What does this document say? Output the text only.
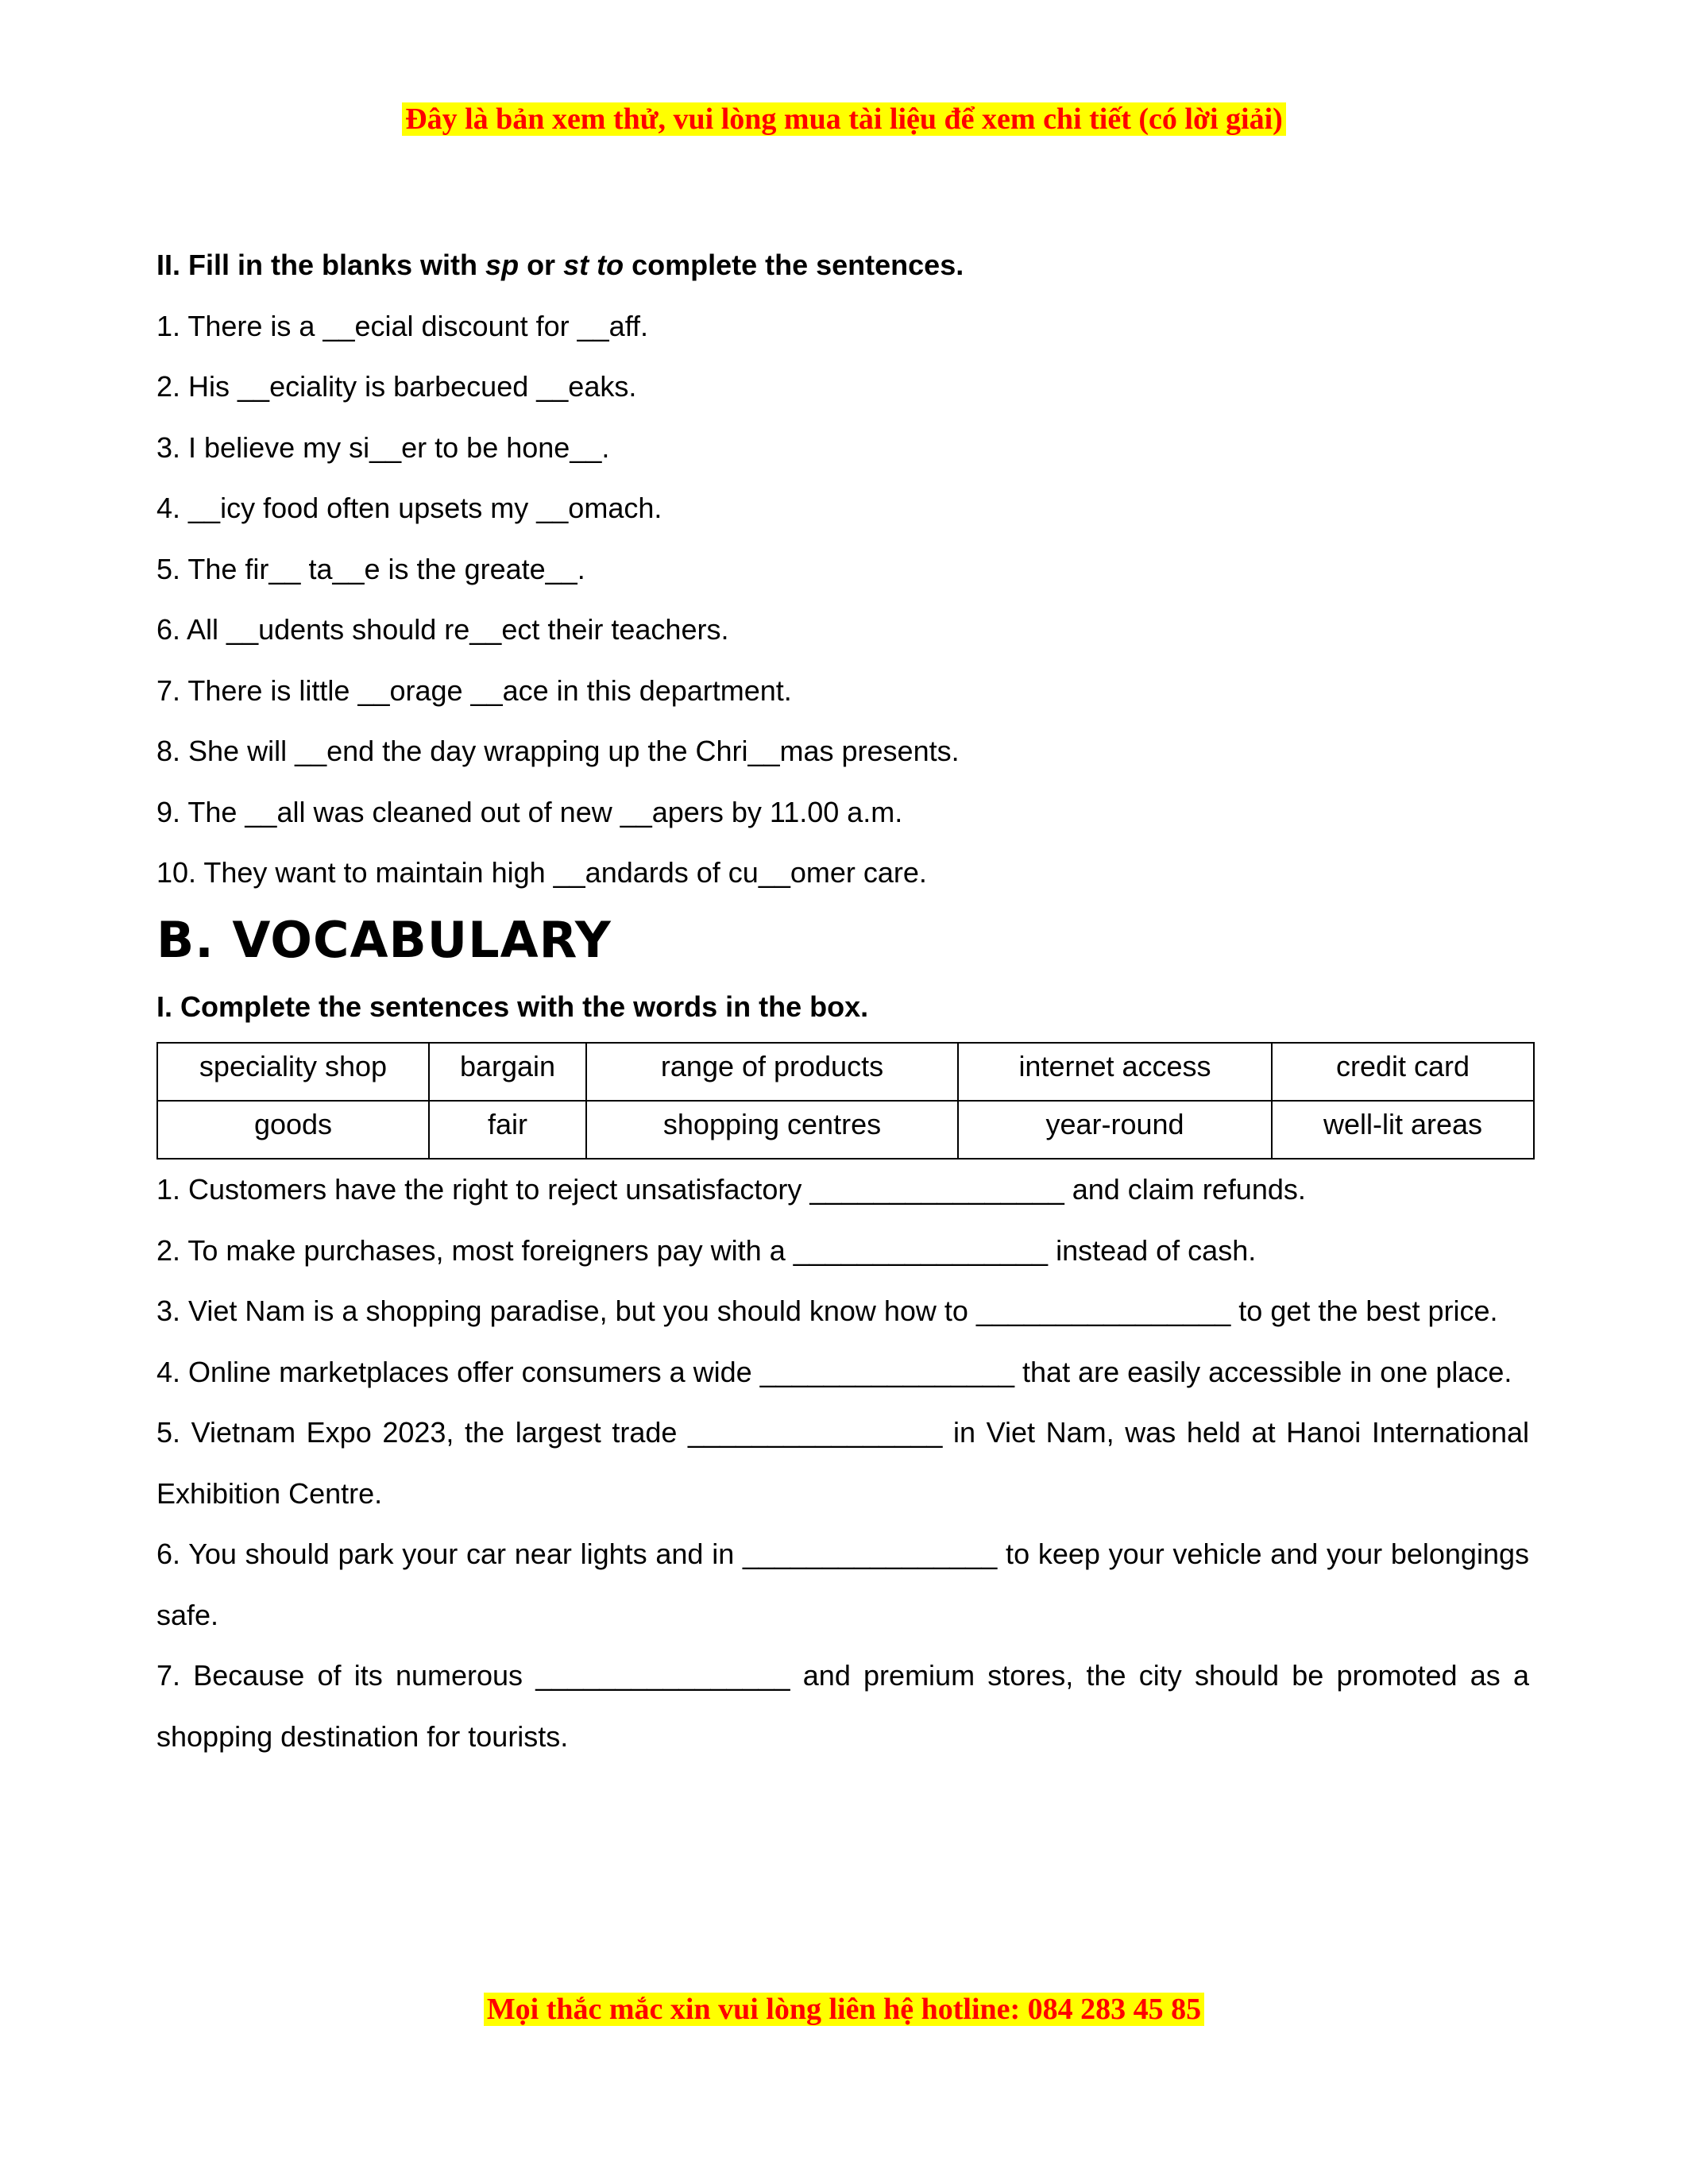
Đây là bản xem thử, vui lòng mua tài liệu để xem chi tiết (có lời giải)
II. Fill in the blanks with sp or st to complete the sentences.
1. There is a __ecial discount for __aff.
2. His __eciality is barbecued __eaks.
3. I believe my si__er to be hone__.
4. __icy food often upsets my __omach.
5. The fir__ ta__e is the greate__.
6. All __udents should re__ect their teachers.
7. There is little __orage __ace in this department.
8. She will __end the day wrapping up the Chri__mas presents.
9. The __all was cleaned out of new __apers by 11.00 a.m.
10. They want to maintain high __andards of cu__omer care.
B. VOCABULARY
I. Complete the sentences with the words in the box.
speciality shop	bargain	range of products	internet access	credit card
goods	fair	shopping centres	year-round	well-lit areas
1. Customers have the right to reject unsatisfactory ________________ and claim refunds.
2. To make purchases, most foreigners pay with a ________________ instead of cash.
3. Viet Nam is a shopping paradise, but you should know how to ________________ to get the best price.
4. Online marketplaces offer consumers a wide ________________ that are easily accessible in one place.
5. Vietnam Expo 2023, the largest trade ________________ in Viet Nam, was held at Hanoi International Exhibition Centre.
6. You should park your car near lights and in ________________ to keep your vehicle and your belongings safe.
7. Because of its numerous ________________ and premium stores, the city should be promoted as a shopping destination for tourists.
Mọi thắc mắc xin vui lòng liên hệ hotline: 084 283 45 85
